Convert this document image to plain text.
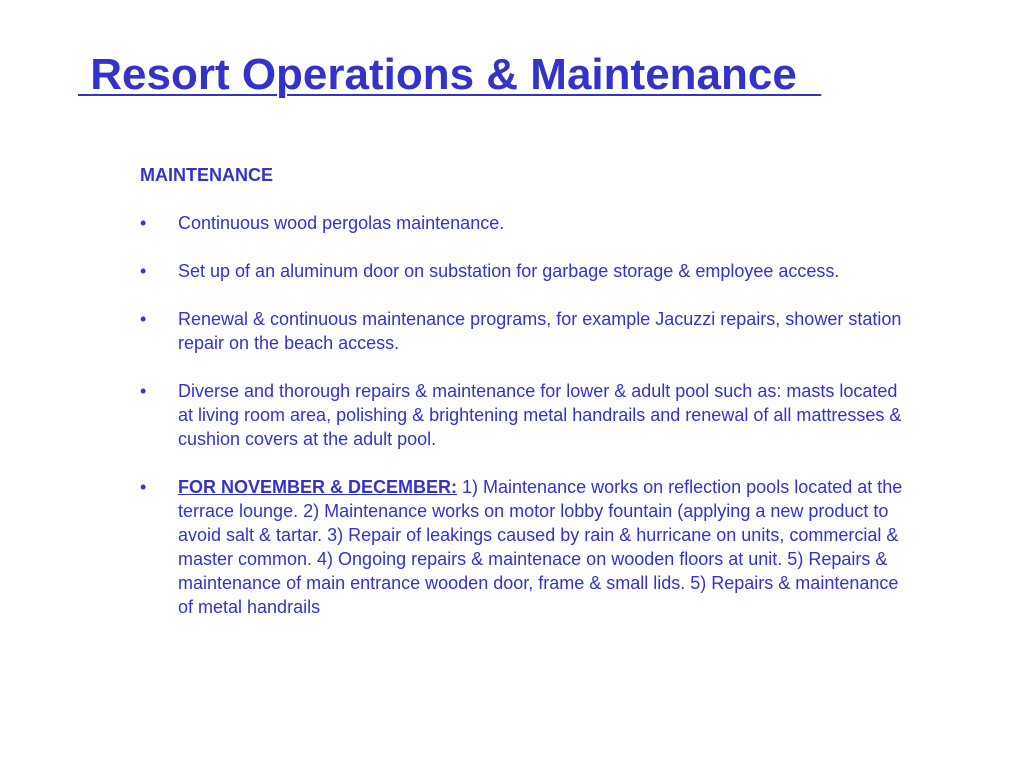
Resort Operations & Maintenance
MAINTENANCE
• Continuous wood pergolas maintenance.
• Set up of an aluminum door on substation for garbage storage & employee access.
• Renewal & continuous maintenance programs, for example Jacuzzi repairs, shower station repair on the beach access.
• Diverse and thorough repairs & maintenance for lower & adult pool such as: masts located at living room area, polishing & brightening metal handrails and renewal of all mattresses & cushion covers at the adult pool.
• FOR NOVEMBER & DECEMBER: 1) Maintenance works on reflection pools located at the terrace lounge. 2) Maintenance works on motor lobby fountain (applying a new product to avoid salt & tartar. 3) Repair of leakings caused by rain & hurricane on units, commercial & master common. 4) Ongoing repairs & maintenace on wooden floors at unit. 5) Repairs & maintenance of main entrance wooden door, frame & small lids. 5) Repairs & maintenance of metal handrails
